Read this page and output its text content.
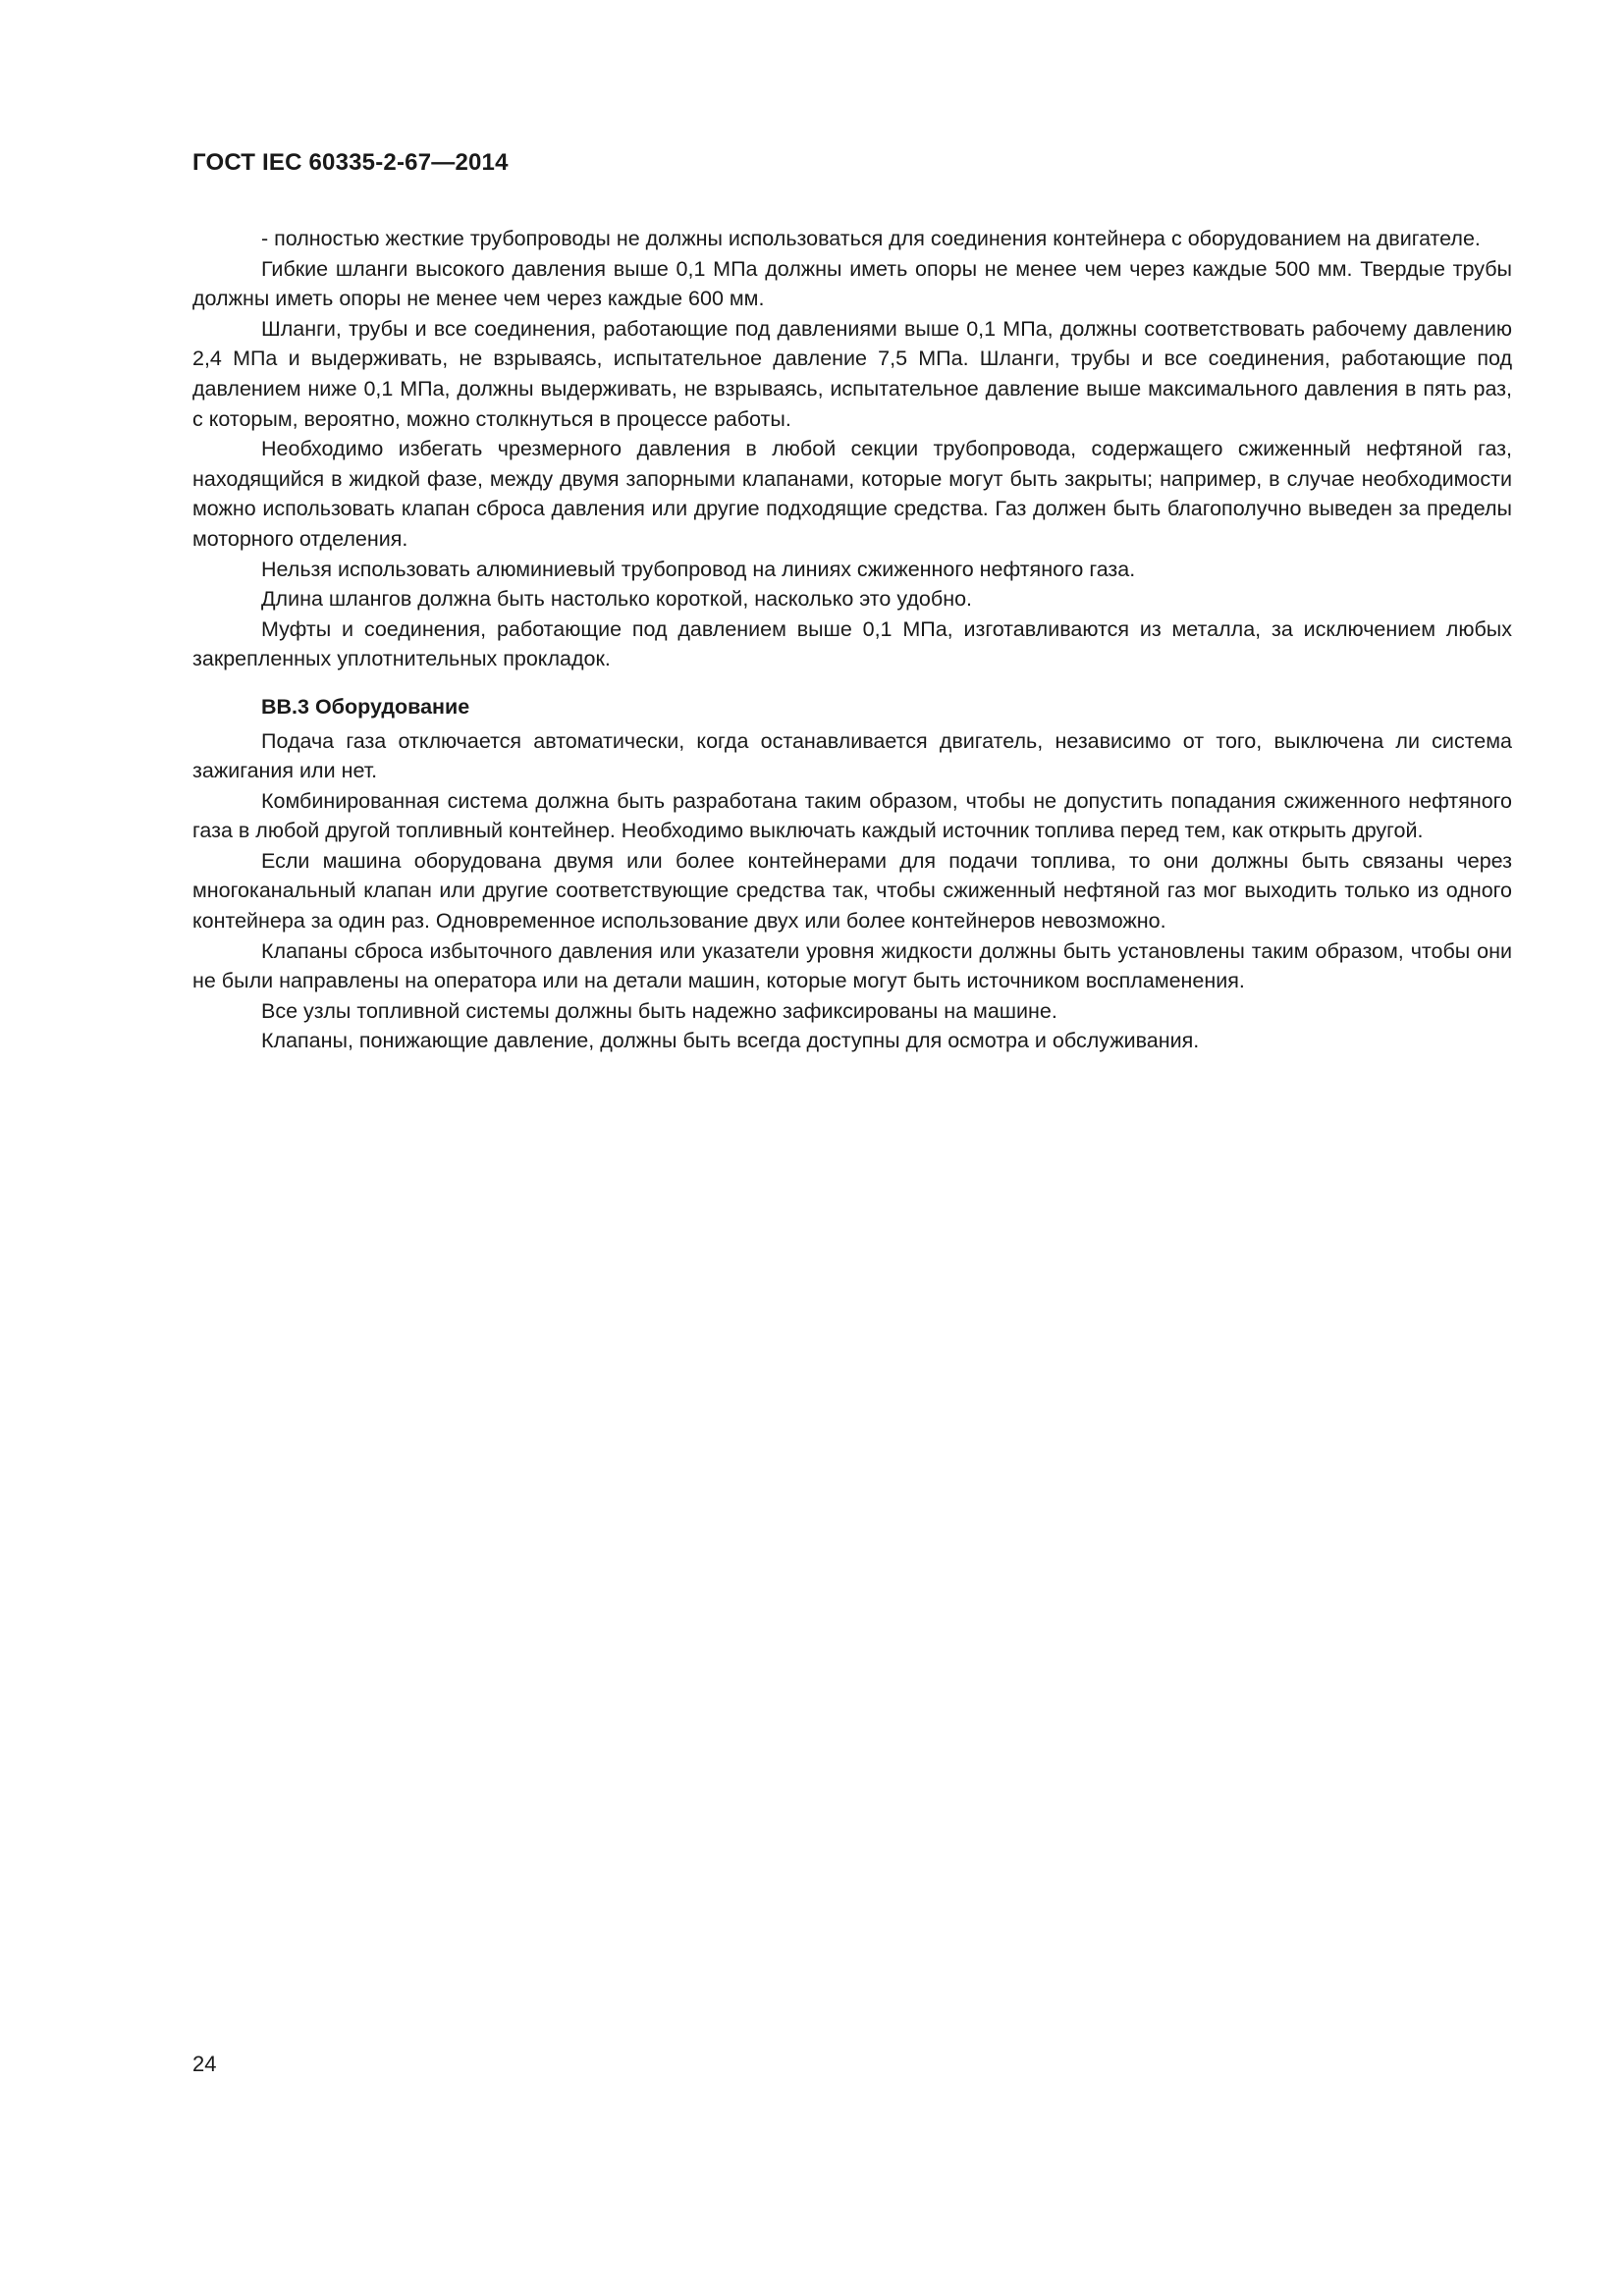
ГОСТ IEC 60335-2-67—2014

- полностью жесткие трубопроводы не должны использоваться для соединения контейнера с оборудованием на двигателе.

Гибкие шланги высокого давления выше 0,1 МПа должны иметь опоры не менее чем через каждые 500 мм. Твердые трубы должны иметь опоры не менее чем через каждые 600 мм.

Шланги, трубы и все соединения, работающие под давлениями выше 0,1 МПа, должны соответствовать рабочему давлению 2,4 МПа и выдерживать, не взрываясь, испытательное давление 7,5 МПа. Шланги, трубы и все соединения, работающие под давлением ниже 0,1 МПа, должны выдерживать, не взрываясь, испытательное давление выше максимального давления в пять раз, с которым, вероятно, можно столкнуться в процессе работы.

Необходимо избегать чрезмерного давления в любой секции трубопровода, содержащего сжиженный нефтяной газ, находящийся в жидкой фазе, между двумя запорными клапанами, которые могут быть закрыты; например, в случае необходимости можно использовать клапан сброса давления или другие подходящие средства. Газ должен быть благополучно выведен за пределы моторного отделения.

Нельзя использовать алюминиевый трубопровод на линиях сжиженного нефтяного газа.

Длина шлангов должна быть настолько короткой, насколько это удобно.

Муфты и соединения, работающие под давлением выше 0,1 МПа, изготавливаются из металла, за исключением любых закрепленных уплотнительных прокладок.

ВВ.3 Оборудование

Подача газа отключается автоматически, когда останавливается двигатель, независимо от того, выключена ли система зажигания или нет.

Комбинированная система должна быть разработана таким образом, чтобы не допустить попадания сжиженного нефтяного газа в любой другой топливный контейнер. Необходимо выключать каждый источник топлива перед тем, как открыть другой.

Если машина оборудована двумя или более контейнерами для подачи топлива, то они должны быть связаны через многоканальный клапан или другие соответствующие средства так, чтобы сжиженный нефтяной газ мог выходить только из одного контейнера за один раз. Одновременное использование двух или более контейнеров невозможно.

Клапаны сброса избыточного давления или указатели уровня жидкости должны быть установлены таким образом, чтобы они не были направлены на оператора или на детали машин, которые могут быть источником воспламенения.

Все узлы топливной системы должны быть надежно зафиксированы на машине.

Клапаны, понижающие давление, должны быть всегда доступны для осмотра и обслуживания.

24
